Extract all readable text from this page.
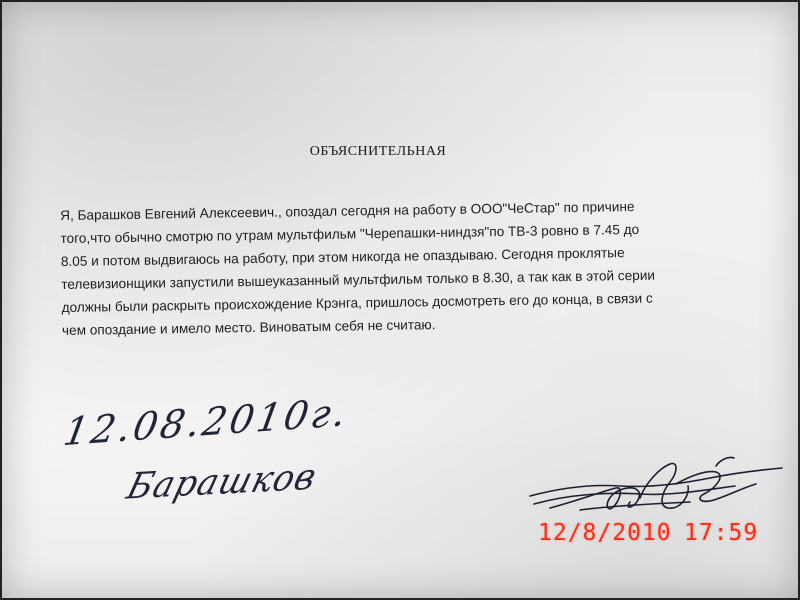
ОБЪЯСНИТЕЛЬНАЯ
Я, Барашков Евгений Алексеевич., опоздал сегодня на работу в ООО"ЧеСтар" по причине
того,что обычно смотрю по утрам мультфильм "Черепашки-ниндзя"по ТВ-3 ровно в 7.45 до
8.05 и потом выдвигаюсь на работу, при этом никогда не опаздываю. Сегодня проклятые
телевизионщики запустили вышеуказанный мультфильм только в 8.30, а так как в этой серии
должны были раскрыть происхождение Крэнга, пришлось досмотреть его до конца, в связи с
чем опоздание и имело место. Виноватым себя не считаю.
12.08.2010г.
Барашков
12/8/2010 17:59
